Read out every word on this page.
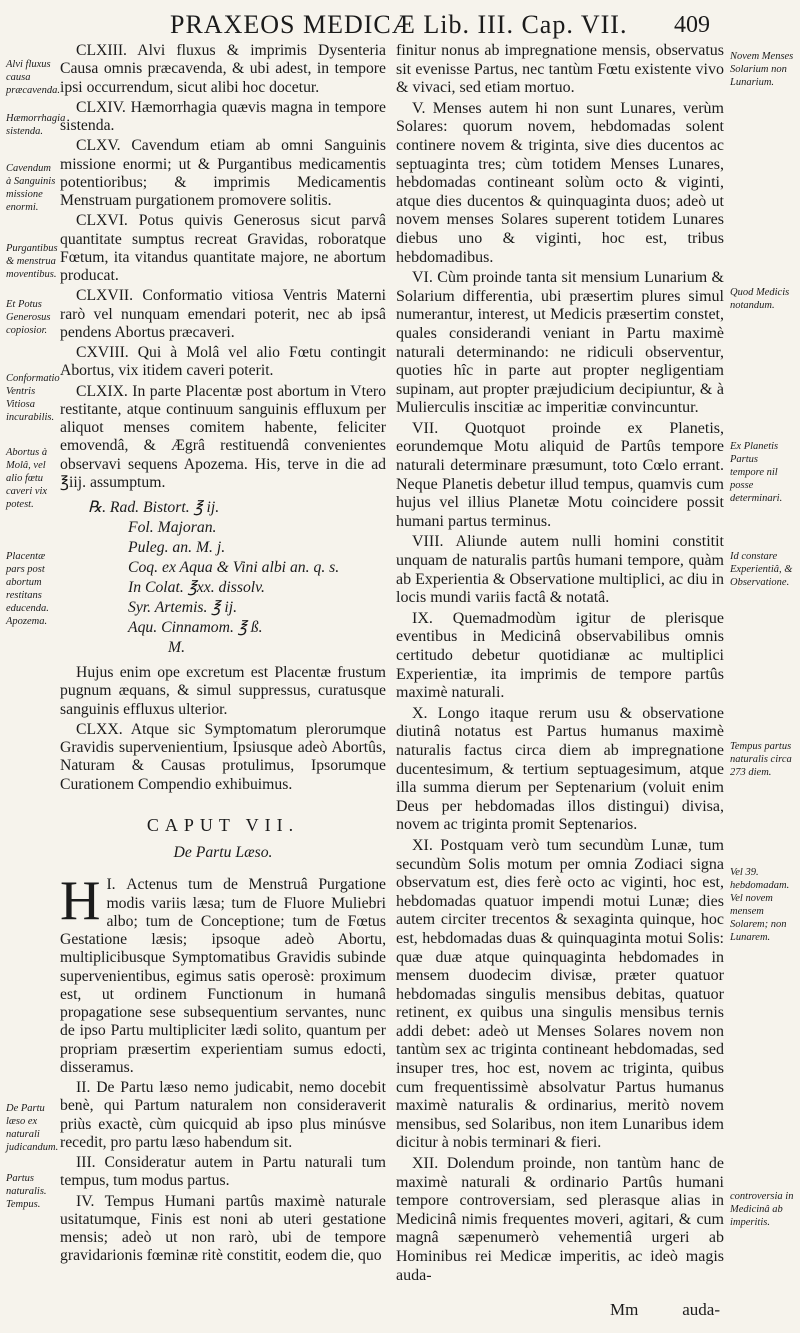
PRAXEOS MEDICÆ Lib. III. Cap. VII. 409
Alvi fluxus causa præcavenda.
Hæmorrhagia sistenda.
Cavendum à Sanguinis missione enormi.
Purgantibus & menstrua moventibus.
Et Potus Generosus copiosior.
Conformatio Ventris Vitiosa incurabilis.
Abortus à Molâ, vel alio fœtu caveri vix potest.
Placentæ pars post abortum restitans educenda. Apozema.
De Partu læso ex naturali judicandum.
Partus naturalis. Tempus.
Novem Menses Solarium non Lunarium.
Quod Medicis notandum.
Ex Planetis Partus tempore nil posse determinari.
Id constare Experientiâ, & Observatione.
Tempus partus naturalis circa 273 diem.
Vel 39. hebdomadam. Vel novem mensem Solarem; non Lunarem.
controversia in Medicinâ ab imperitis.

CLXIII. Alvi fluxus & imprimis Dysenteria Causa omnis præcavenda, & ubi adest, in tempore ipsi occurrendum, sicut alibi hoc docetur.

CLXIV. Hæmorrhagia quævis magna in tempore sistenda.

CLXV. Cavendum etiam ab omni Sanguinis missione enormi; ut & Purgantibus medicamentis potentioribus; & imprimis Medicamentis Menstruam purgationem promovere solitis.

CLXVI. Potus quivis Generosus sicut parvâ quantitate sumptus recreat Gravidas, roboratque Fœtum, ita vitandus quantitate majore, ne abortum producat.

CLXVII. Conformatio vitiosa Ventris Materni rarò vel nunquam emendari poterit, nec ab ipsâ pendens Abortus præcaveri.

CXVIII. Qui à Molâ vel alio Fœtu contingit Abortus, vix itidem caveri poterit.

CLXIX. In parte Placentæ post abortum in Vtero restitante, atque continuum sanguinis effluxum per aliquot menses comitem habente, feliciter emovendâ, & Ægrâ restituendâ convenientes observavi sequens Apozema. His, terve in die ad ℥iij. assumptum.

℞. Rad. Bistort. ℥ ij.
Fol. Majoran.
Puleg. an. M. j.
Coq. ex Aqua & Vini albi an. q. s.
In Colat. ℥xx. dissolv.
Syr. Artemis. ℥ ij.
Aqu. Cinnamom. ℥ ß.
M.

Hujus enim ope excretum est Placentæ frustum pugnum æquans, & simul suppressus, curatusque sanguinis effluxus ulterior.

CLXX. Atque sic Symptomatum plerorumque Gravidis supervenientium, Ipsiusque adeò Abortûs, Naturam & Causas protulimus, Ipsorumque Curationem Compendio exhibuimus.

CAPUT VII.
De Partu Læso.

I.
H Actenus tum de Menstruâ Purgatione modis variis læsa; tum de Fluore Muliebri albo; tum de Conceptione; tum de Fœtus Gestatione læsis; ipsoque adeò Abortu, multiplicibusque Symptomatibus Gravidis subinde supervenientibus, egimus satis operosè: proximum est, ut ordinem Functionum in humanâ propagatione sese subsequentium servantes, nunc de ipso Partu multipliciter lædi solito, quantum per propriam præsertim experientiam sumus edocti, disseramus.

II. De Partu læso nemo judicabit, nemo docebit benè, qui Partum naturalem non consideraverit priùs exactè, cùm quicquid ab ipso plus minúsve recedit, pro partu læso habendum sit.

III. Consideratur autem in Partu naturali tum tempus, tum modus partus.

IV. Tempus Humani partûs maximè naturale usitatumque, Finis est noni ab uteri gestatione mensis; adeò ut non rarò, ubi de tempore gravidarionis fœminæ ritè constitit, eodem die, quo

finitur nonus ab impregnatione mensis, observatus sit evenisse Partus, nec tantùm Fœtu existente vivo & vivaci, sed etiam mortuo.

V. Menses autem hi non sunt Lunares, verùm Solares: quorum novem, hebdomadas solent continere novem & triginta, sive dies ducentos ac septuaginta tres; cùm totidem Menses Lunares, hebdomadas contineant solùm octo & viginti, atque dies ducentos & quinquaginta duos; adeò ut novem menses Solares superent totidem Lunares diebus uno & viginti, hoc est, tribus hebdomadibus.

VI. Cùm proinde tanta sit mensium Lunarium & Solarium differentia, ubi præsertim plures simul numerantur, interest, ut Medicis præsertim constet, quales considerandi veniant in Partu maximè naturali determinando: ne ridiculi observentur, quoties hîc in parte aut propter negligentiam supinam, aut propter præjudicium decipiuntur, & à Mulierculis inscitiæ ac imperitiæ convincuntur.

VII. Quotquot proinde ex Planetis, eorundemque Motu aliquid de Partûs tempore naturali determinare præsumunt, toto Cœlo errant. Neque Planetis debetur illud tempus, quamvis cum hujus vel illius Planetæ Motu coincidere possit humani partus terminus.

VIII. Aliunde autem nulli homini constitit unquam de naturalis partûs humani tempore, quàm ab Experientia & Observatione multiplici, ac diu in locis mundi variis factâ & notatâ.

IX. Quemadmodùm igitur de plerisque eventibus in Medicinâ observabilibus omnis certitudo debetur quotidianæ ac multiplici Experientiæ, ita imprimis de tempore partûs maximè naturali.

X. Longo itaque rerum usu & observatione diutinâ notatus est Partus humanus maximè naturalis factus circa diem ab impregnatione ducentesimum, & tertium septuagesimum, atque illa summa dierum per Septenarium (voluit enim Deus per hebdomadas illos distingui) divisa, novem ac triginta promit Septenarios.

XI. Postquam verò tum secundùm Lunæ, tum secundùm Solis motum per omnia Zodiaci signa observatum est, dies ferè octo ac viginti, hoc est, hebdomadas quatuor impendi motui Lunæ; dies autem circiter trecentos & sexaginta quinque, hoc est, hebdomadas duas & quinquaginta motui Solis: quæ duæ atque quinquaginta hebdomades in mensem duodecim divisæ, præter quatuor hebdomadas singulis mensibus debitas, quatuor retinent, ex quibus una singulis mensibus ternis addi debet: adeò ut Menses Solares novem non tantùm sex ac triginta contineant hebdomadas, sed insuper tres, hoc est, novem ac triginta, quibus cum frequentissimè absolvatur Partus humanus maximè naturalis & ordinarius, meritò novem mensibus, sed Solaribus, non item Lunaribus idem dicitur à nobis terminari & fieri.

XII. Dolendum proinde, non tantùm hanc de maximè naturali & ordinario Partûs humani tempore controversiam, sed plerasque alias in Medicinâ nimis frequentes moveri, agitari, & cum magnâ sæpenumerò vehementiâ urgeri ab Hominibus rei Medicæ imperitis, ac ideò magis auda-

Mm	auda-
